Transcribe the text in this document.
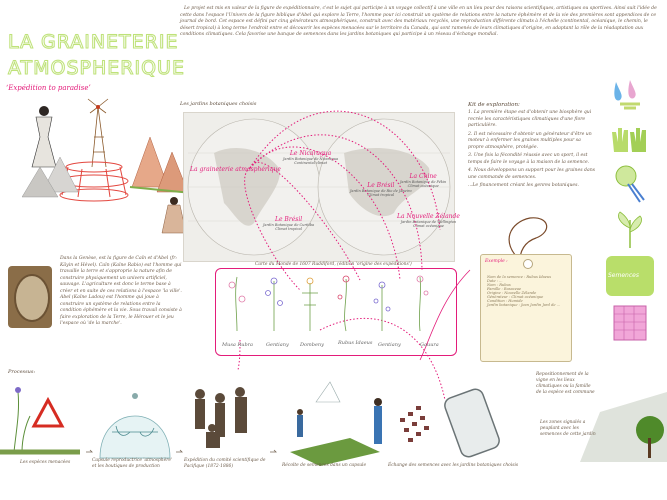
LA GRAINETERIE
ATMOSPHERIQUE
‘Expédition to paradise’
Le projet est mis en valeur de la figure de expéditionnaire, c'est le sujet qui participe à un voyage collectif à une ville en un lieu pour des raisons scientifiques, artistiques ou sportives. Ainsi suit l'idée de cette dans l'espace l'Univers de la figure biblique d'Abel qui explore la Terre, l'homme pour ici construit un système de relations entre la nature éphémère et de la vie des premières sont appendices de ce journal de bord. Cet espace est défini par cinq générateurs atmosphériques, construit avec des matériaux recyclés, une reproduction différente climats à l'échelle (continental, océanique, le chemin, le désert tropical) à long terme l'endroit entre et découvrir les espèces menacées sur le territoire du Canada, qui sont ramenés de leurs climatiques d'origine, en adaptant la rôle de la réadaptation aux conditions climatiques. Cela favorise une banque de semences dans les jardins botaniques qui participe à un réseau d'échange mondial.
Dans la Genèse, est la figure de Caïn et d'Abel (fr: Kâyin et Hével). Caïn (Kaïne Rabio) est l'homme qui travaille la terre et s'approprie la nature afin de construire physiquement un univers artificiel, sauvage. L'agriculture est donc le terme base à créer et en suite de ces relations à l'espace 'la ville'. Abel (Kaïne Ladou) est l'homme qui joue à construire un système de relations entre la condition éphémère et la vie. Sous travail consiste à faire exploration de la Terre, le Hérouer et le jeu l'espace où 'de la marche'.
Les jardins botaniques choisis
La graineterie atmosphérique
Le Nicaragua
Jardin Botanique de Nicaragua
Continental climat
Le Brésil
Jardin Botanique de Rio de Janeiro
Climat tropical
La Chine
Jardin Botanique de Pékin
Climat océanique
La Nouvelle Zélande
Jardin Botanique de Wellington
Climat océanique
Le Brésil
Jardin Botanique de Curitiba
Climat tropical
Carte du Monde de 1607 Ruddiford, (édition 'origine des expéditions')
Musa Rubra	Gentiany Dombeny	Rubus Idaeus Gentiany	Gauura
Kit de exploration:
1. La première étape est d'obtenir une biosphère qui recrée les caractéristiques climatiques d'une flore particulière.
2. Il est nécessaire d'obtenir un générateur d'être un moteur à enfermer les graines multiples pour sa propre atmosphère, protégée.
3. Une fois la fécondité réussie avec un sport, il est temps de faire le voyage à la maison de la semence.
4. Nous développons un support pour les graines dans une commande de semences.
...Le financement créant les genres botaniques.
Exemple :
Nom de la semence : Rubus Idaeus
Date : ...
Nom : Rubus
Famille : Rosaceae
Origine : Nouvelle Zélande
Générateur : Climat océanique
Condition : Humide
Jardin botanique : Jean Jardin Jard de ...
Semences
Processus:
Les espèces menacées	Capsule reproductrice 'atmosphère' et les boutiques de production
Expédition du comité scientifique de Pacifique (1872-1886)	Récolte de semences dans un capsule	Échange des semences avec les jardins botaniques choisis
Repositionnement de la vigne en les lieux climatiques ou la famille de la espèce est commune
Les zones signalés a peuplant avec les semences de cette jardin
